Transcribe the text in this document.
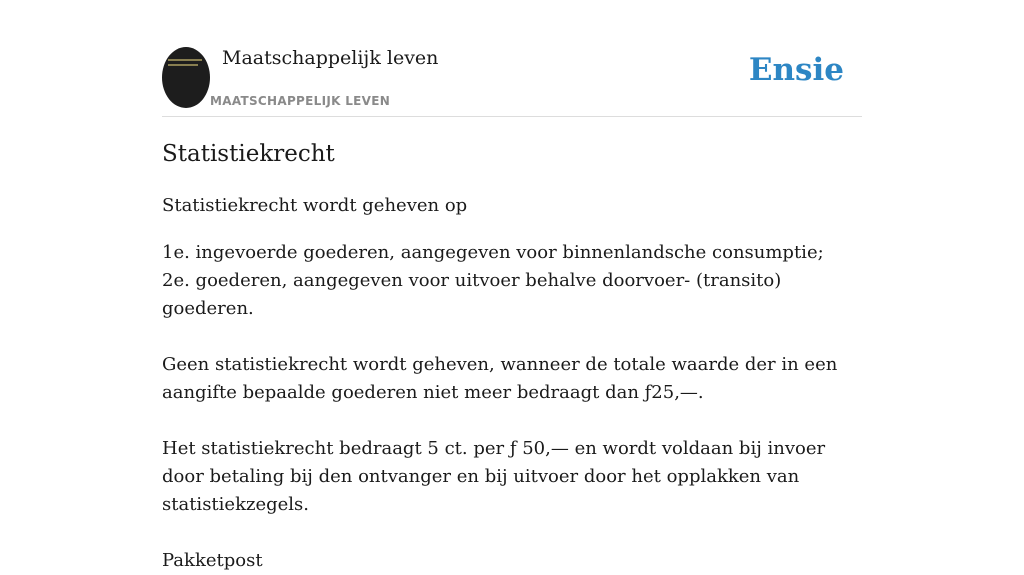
Maatschappelijk leven
MAATSCHAPPELIJK LEVEN
Ensie
Statistiekrecht

Statistiekrecht wordt geheven op

1e. ingevoerde goederen, aangegeven voor binnenlandsche consumptie;
2e. goederen, aangegeven voor uitvoer behalve doorvoer- (transito) goederen.

Geen statistiekrecht wordt geheven, wanneer de totale waarde der in een aangifte bepaalde goederen niet meer bedraagt dan ƒ25,—.

Het statistiekrecht bedraagt 5 ct. per ƒ 50,— en wordt voldaan bij invoer door betaling bij den ontvanger en bij uitvoer door het opplakken van statistiekzegels.

Pakketpost
